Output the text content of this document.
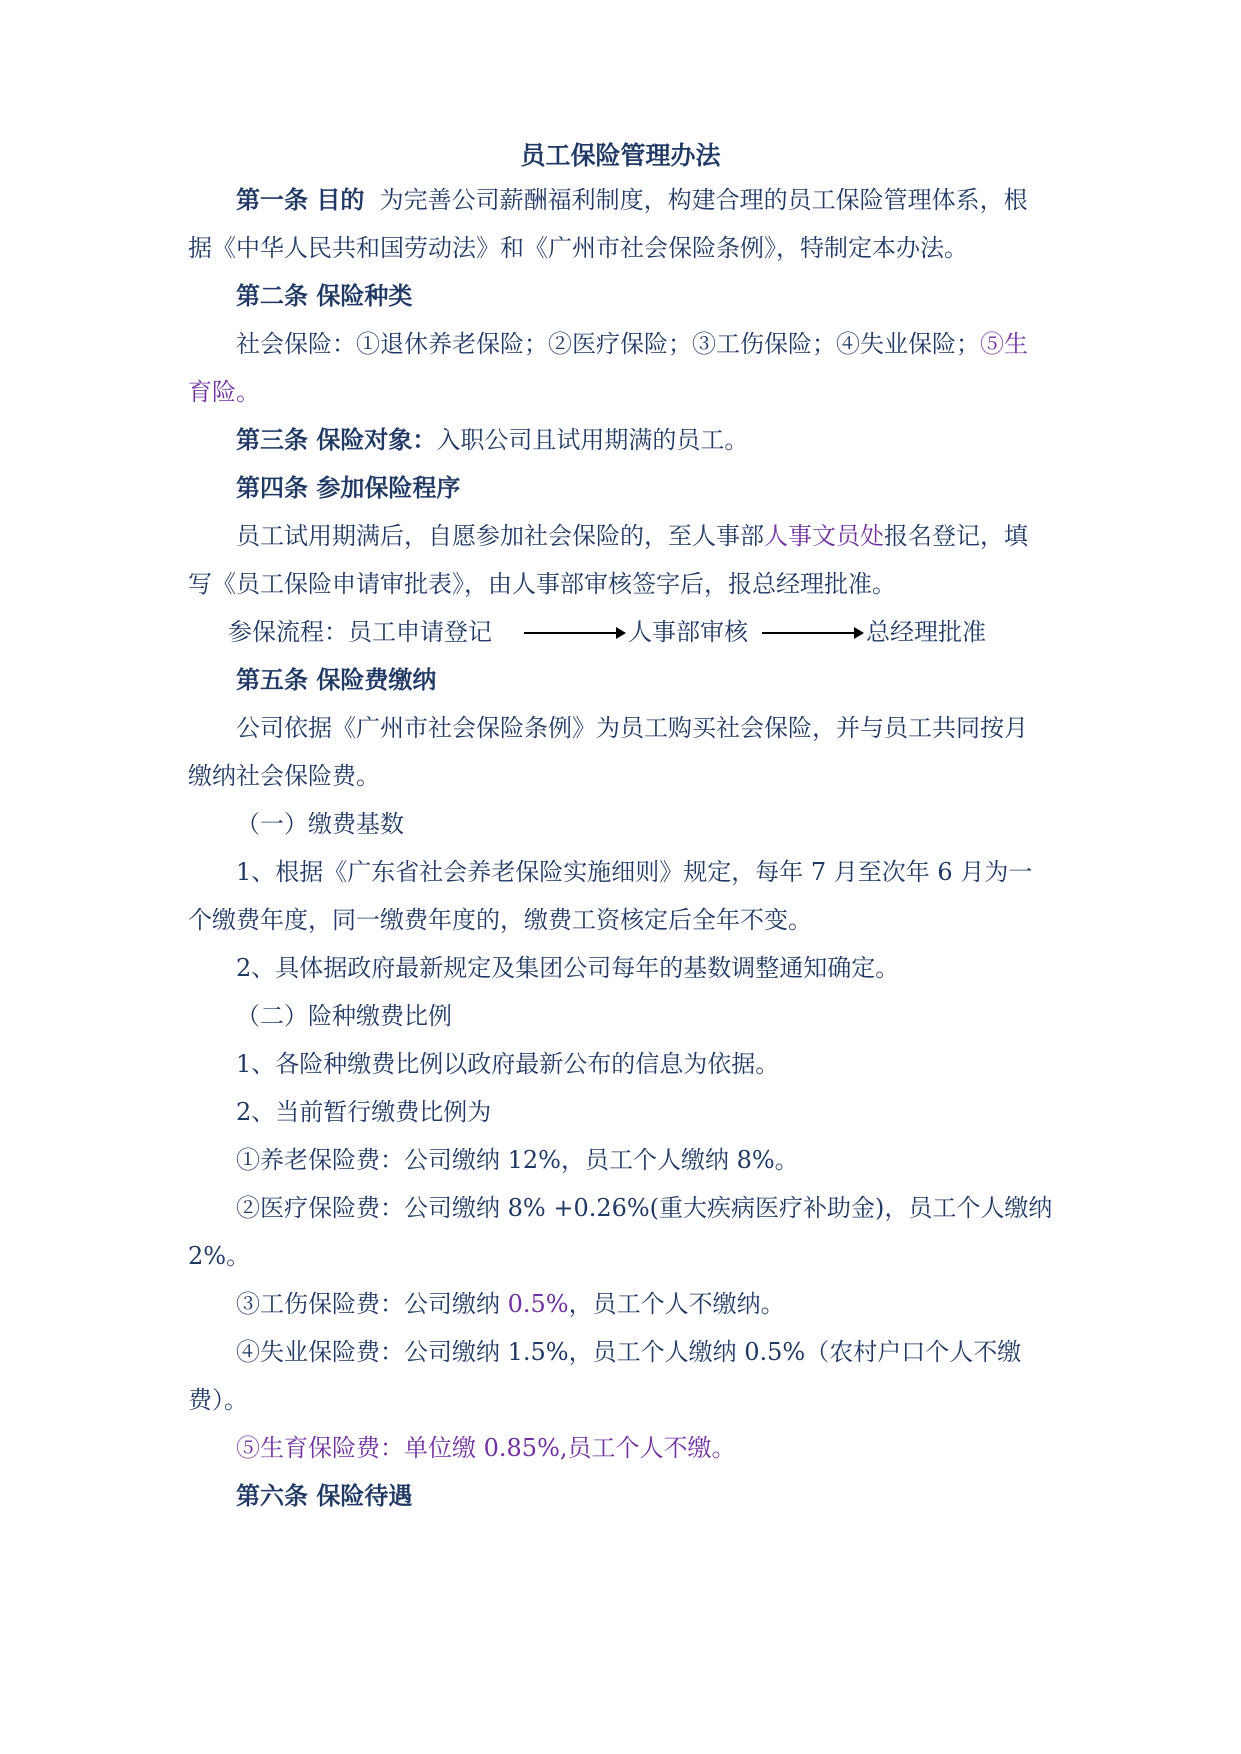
员工保险管理办法
第一条 目的 为完善公司薪酬福利制度，构建合理的员工保险管理体系，根
据《中华人民共和国劳动法》和《广州市社会保险条例》，特制定本办法。
第二条 保险种类
社会保险：①退休养老保险；②医疗保险；③工伤保险；④失业保险；⑤生
育险。
第三条 保险对象：入职公司且试用期满的员工。
第四条 参加保险程序
员工试用期满后，自愿参加社会保险的，至人事部人事文员处报名登记，填
写《员工保险申请审批表》，由人事部审核签字后，报总经理批准。
参保流程：员工申请登记	人事部审核	总经理批准
第五条 保险费缴纳
公司依据《广州市社会保险条例》为员工购买社会保险，并与员工共同按月
缴纳社会保险费。
（一）缴费基数
1、根据《广东省社会养老保险实施细则》规定，每年 7 月至次年 6 月为一
个缴费年度，同一缴费年度的，缴费工资核定后全年不变。
2、具体据政府最新规定及集团公司每年的基数调整通知确定。
（二）险种缴费比例
1、各险种缴费比例以政府最新公布的信息为依据。
2、当前暂行缴费比例为
①养老保险费：公司缴纳 12%，员工个人缴纳 8%。
②医疗保险费：公司缴纳 8% +0.26%(重大疾病医疗补助金)，员工个人缴纳
2%。
③工伤保险费：公司缴纳 0.5%，员工个人不缴纳。
④失业保险费：公司缴纳 1.5%，员工个人缴纳 0.5%（农村户口个人不缴
费）。
⑤生育保险费：单位缴 0.85%,员工个人不缴。
第六条 保险待遇
